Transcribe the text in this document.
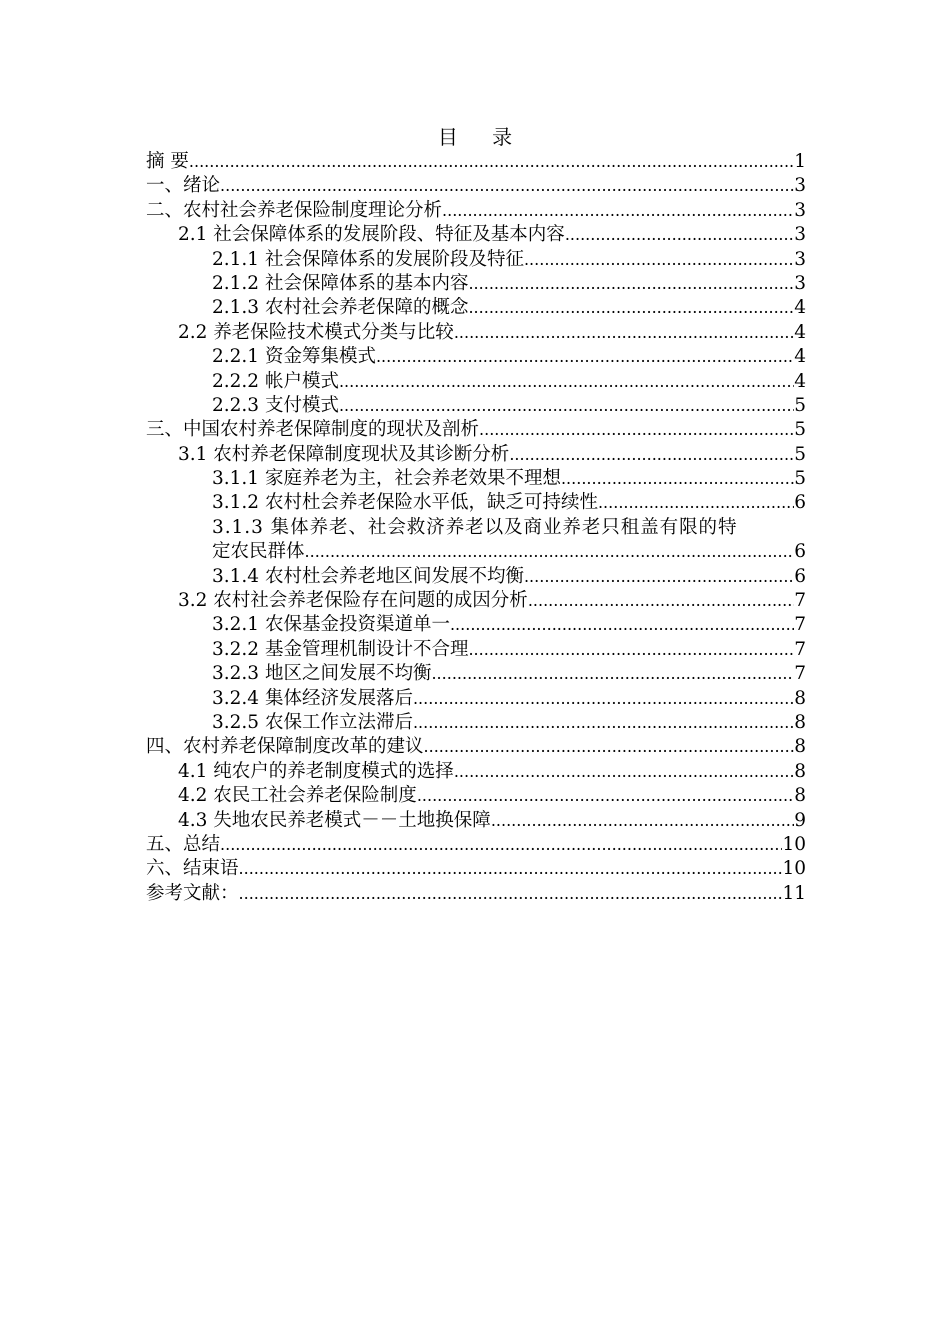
目 录
摘 要 .....	1
一、绪论 .....	3
二、农村社会养老保险制度理论分析 .....	3
2.1 社会保障体系的发展阶段、特征及基本内容 .....	3
2.1.1 社会保障体系的发展阶段及特征 .....	3
2.1.2 社会保障体系的基本内容 .....	3
2.1.3 农村社会养老保障的概念 .....	4
2.2 养老保险技术模式分类与比较 .....	4
2.2.1 资金筹集模式 .....	4
2.2.2 帐户模式 .....	4
2.2.3 支付模式 .....	5
三、中国农村养老保障制度的现状及剖析 .....	5
3.1 农村养老保障制度现状及其诊断分析 .....	5
3.1.1 家庭养老为主，社会养老效果不理想 .....	5
3.1.2 农村杜会养老保险水平低，缺乏可持续性 .....	6
3.1.3 集体养老、社会救济养老以及商业养老只租盖有限的特
定农民群体 .....	6
3.1.4 农村杜会养老地区间发展不均衡 .....	6
3.2 农村社会养老保险存在问题的成因分析 .....	7
3.2.1 农保基金投资渠道单一 .....	7
3.2.2 基金管理机制设计不合理 .....	7
3.2.3 地区之间发展不均衡 .....	7
3.2.4 集体经济发展落后 .....	8
3.2.5 农保工作立法滞后 .....	8
四、农村养老保障制度改革的建议 .....	8
4.1 纯农户的养老制度模式的选择 .....	8
4.2 农民工社会养老保险制度 .....	8
4.3 失地农民养老模式－－土地换保障 .....	9
五、总结 .....	10
六、结束语 .....	10
参考文献： .....	11
